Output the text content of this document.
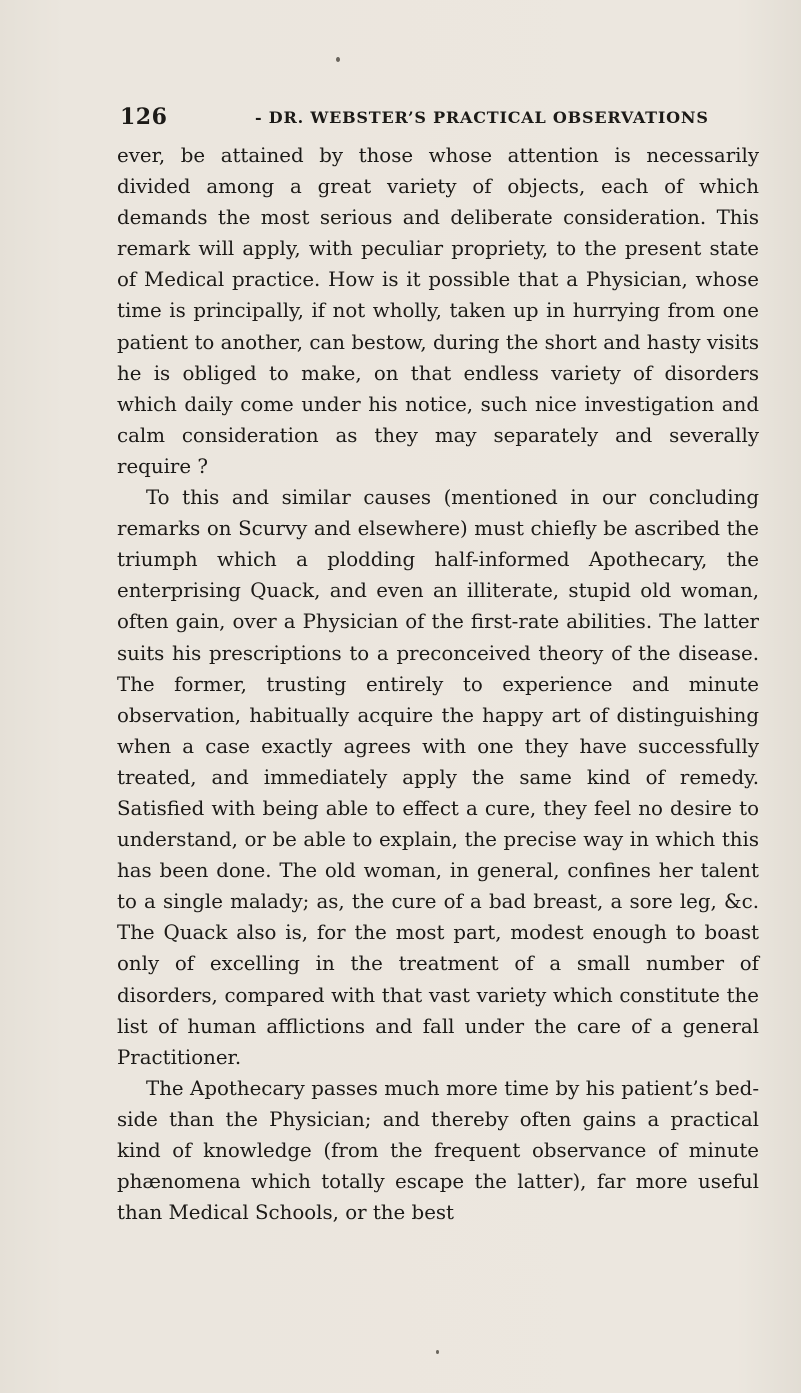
126	- DR. WEBSTER’S PRACTICAL OBSERVATIONS

ever, be attained by those whose attention is necessarily divided among a great variety of objects, each of which demands the most serious and deliberate consideration. This remark will apply, with peculiar propriety, to the present state of Medical practice. How is it possible that a Physician, whose time is principally, if not wholly, taken up in hurrying from one patient to another, can bestow, during the short and hasty visits he is obliged to make, on that endless variety of disorders which daily come under his notice, such nice investigation and calm consideration as they may separately and severally require ?

To this and similar causes (mentioned in our concluding remarks on Scurvy and elsewhere) must chiefly be ascribed the triumph which a plodding half-informed Apothecary, the enterprising Quack, and even an illiterate, stupid old woman, often gain, over a Physician of the first-rate abilities. The latter suits his prescriptions to a preconceived theory of the disease. The former, trusting entirely to experience and minute observation, habitually acquire the happy art of distinguishing when a case exactly agrees with one they have successfully treated, and immediately apply the same kind of remedy. Satisfied with being able to effect a cure, they feel no desire to understand, or be able to explain, the precise way in which this has been done. The old woman, in general, confines her talent to a single malady; as, the cure of a bad breast, a sore leg, &c. The Quack also is, for the most part, modest enough to boast only of excelling in the treatment of a small number of disorders, compared with that vast variety which constitute the list of human afflictions and fall under the care of a general Practitioner.

The Apothecary passes much more time by his patient’s bed-side than the Physician; and thereby often gains a practical kind of knowledge (from the frequent observance of minute phænomena which totally escape the latter), far more useful than Medical Schools, or the best
